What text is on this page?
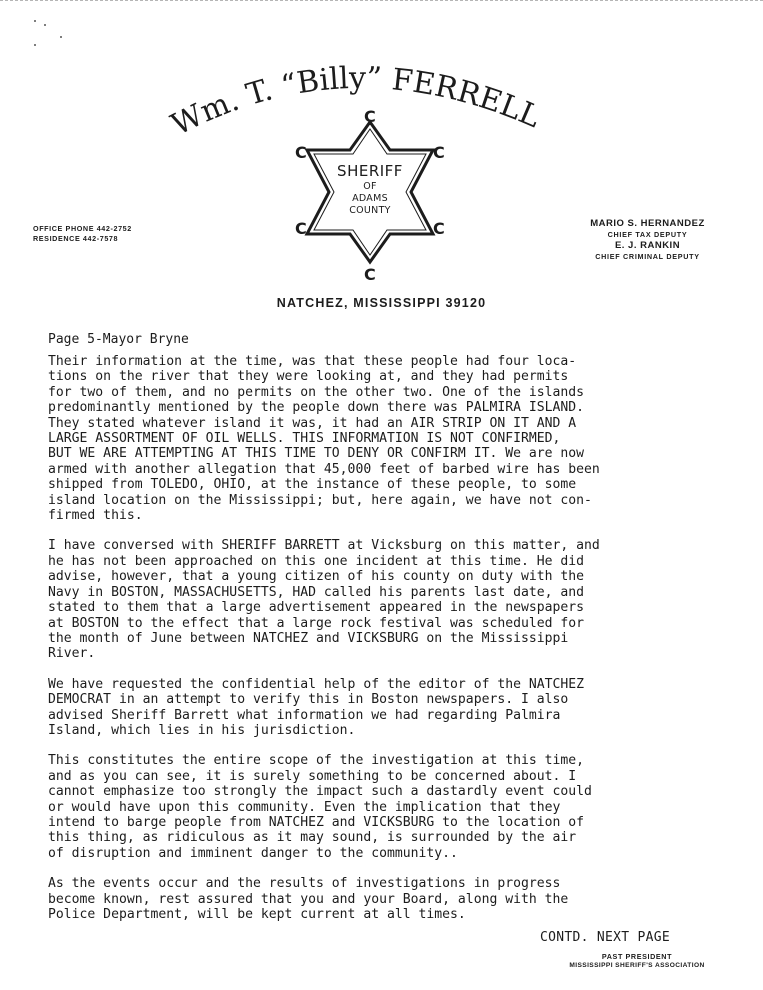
Wm. T. “Billy” FERRELL
C
C
C
C
C
C
SHERIFF
OF
ADAMS
COUNTY
OFFICE PHONE 442-2752
RESIDENCE 442-7578
MARIO S. HERNANDEZ
CHIEF TAX DEPUTY
E. J. RANKIN
CHIEF CRIMINAL DEPUTY
NATCHEZ, MISSISSIPPI 39120
Page 5-Mayor Bryne

Their information at the time, was that these people had four loca-
tions on the river that they were looking at, and they had permits
for two of them, and no permits on the other two. One of the islands
predominantly mentioned by the people down there was PALMIRA ISLAND.
They stated whatever island it was, it had an AIR STRIP ON IT AND A
LARGE ASSORTMENT OF OIL WELLS. THIS INFORMATION IS NOT CONFIRMED,
BUT WE ARE ATTEMPTING AT THIS TIME TO DENY OR CONFIRM IT. We are now
armed with another allegation that 45,000 feet of barbed wire has been
shipped from TOLEDO, OHIO, at the instance of these people, to some
island location on the Mississippi; but, here again, we have not con-
firmed this.

I have conversed with SHERIFF BARRETT at Vicksburg on this matter, and
he has not been approached on this one incident at this time. He did
advise, however, that a young citizen of his county on duty with the
Navy in BOSTON, MASSACHUSETTS, HAD called his parents last date, and
stated to them that a large advertisement appeared in the newspapers
at BOSTON to the effect that a large rock festival was scheduled for
the month of June between NATCHEZ and VICKSBURG on the Mississippi
River.

We have requested the confidential help of the editor of the NATCHEZ
DEMOCRAT in an attempt to verify this in Boston newspapers. I also
advised Sheriff Barrett what information we had regarding Palmira
Island, which lies in his jurisdiction.

This constitutes the entire scope of the investigation at this time,
and as you can see, it is surely something to be concerned about. I
cannot emphasize too strongly the impact such a dastardly event could
or would have upon this community. Even the implication that they
intend to barge people from NATCHEZ and VICKSBURG to the location of
this thing, as ridiculous as it may sound, is surrounded by the air
of disruption and imminent danger to the community..

As the events occur and the results of investigations in progress
become known, rest assured that you and your Board, along with the
Police Department, will be kept current at all times.

CONTD. NEXT PAGE
PAST PRESIDENT
MISSISSIPPI SHERIFF'S ASSOCIATION
